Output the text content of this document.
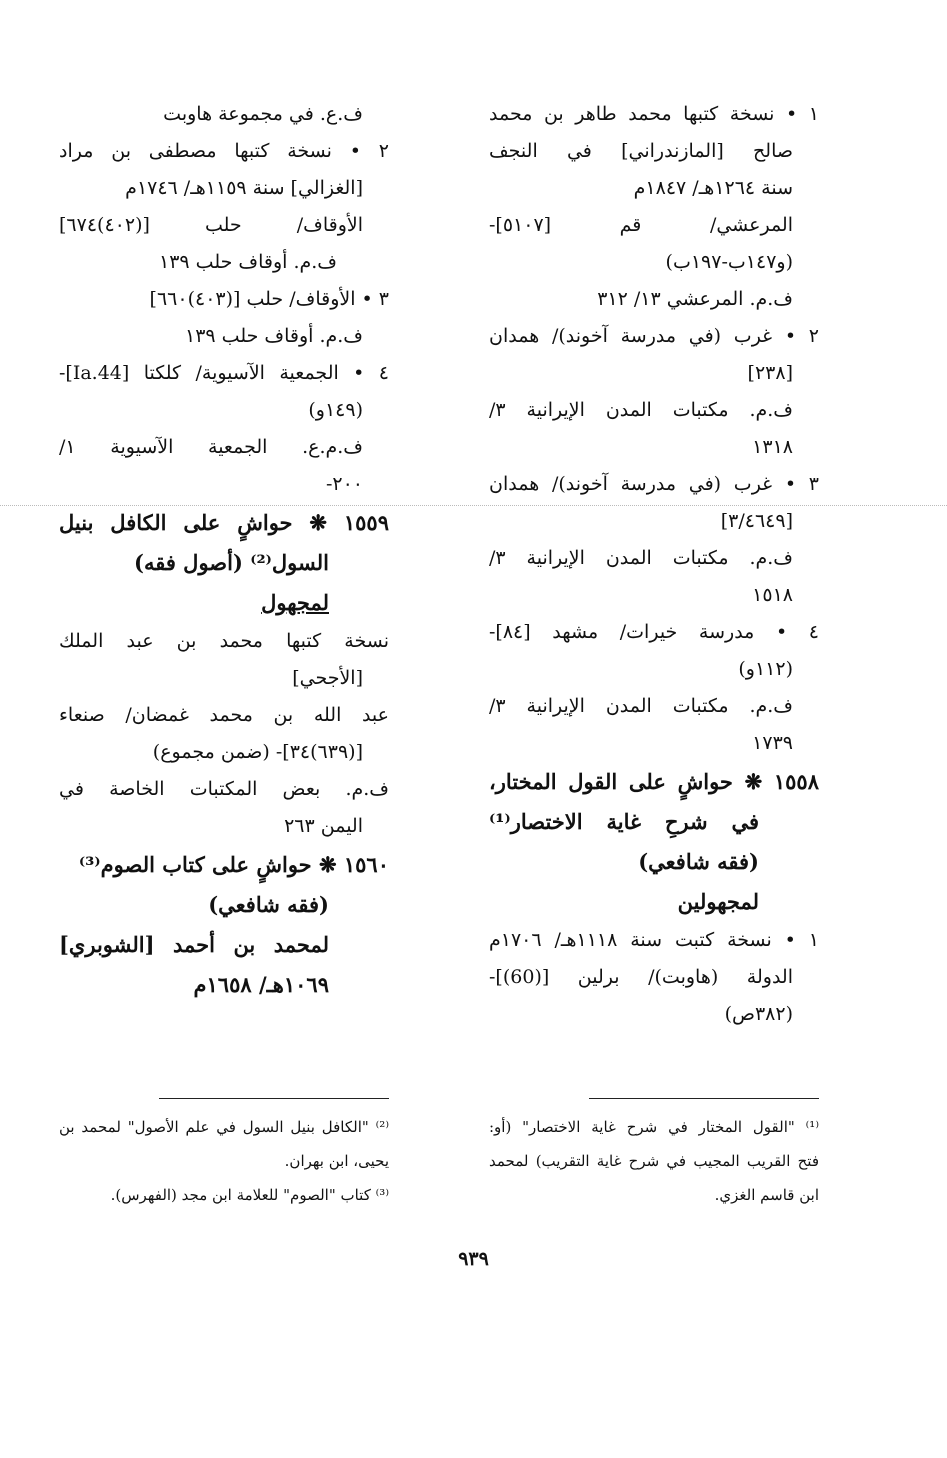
١ • نسخة كتبها محمد طاهر بن محمد
صالح [المازندراني] في النجف
سنة ١٢٦٤هـ/ ١٨٤٧م
المرعشي/ قم [٥١٠٧]-
(و١٤٧ب-١٩٧ب)
ف.م. المرعشي ١٣/ ٣١٢
٢ • غرب (في مدرسة آخوند)/ همدان
[٢٣٨]
ف.م. مكتبات المدن الإيرانية ٣/
١٣١٨
٣ • غرب (في مدرسة آخوند)/ همدان
[٣/٤٦٤٩]
ف.م. مكتبات المدن الإيرانية ٣/
١٥١٨
٤ • مدرسة خيرات/ مشهد [٨٤]-
(١١٢و)
ف.م. مكتبات المدن الإيرانية ٣/
١٧٣٩
١٥٥٨ ❋ حواشٍ على القول المختار،
في شرحِ غاية الاختصار⁽¹⁾
(فقه شافعي)
لمجهولين
١ • نسخة كتبت سنة ١١١٨هـ/ ١٧٠٦م
الدولة (هاوبت)/ برلين [(60)]-
(٣٨٢ص)
ف.ع. في مجموعة هاوبت
٢ • نسخة كتبها مصطفى بن مراد
[الغزالي] سنة ١١٥٩هـ/ ١٧٤٦م
الأوقاف/ حلب [(٤٠٢)٦٧٤]
ف.م. أوقاف حلب ١٣٩
٣ • الأوقاف/ حلب [(٤٠٣)٦٦٠]
ف.م. أوقاف حلب ١٣٩
٤ • الجمعية الآسيوية/ كلكتا [Ia.44]-
(١٤٩و)
ف.م.ع. الجمعية الآسيوية ١/
٢٠٠-
١٥٥٩ ❋ حواشٍ على الكافل بنيل
السول⁽²⁾ (أصول فقه)
لمجهول
نسخة كتبها محمد بن عبد الملك
[الأجحي]
عبد الله بن محمد غمضان/ صنعاء
[(٦٣٩)٣٤]- (ضمن مجموع)
ف.م. بعض المكتبات الخاصة في
اليمن ٢٦٣
١٥٦٠ ❋ حواشٍ على كتاب الصوم⁽³⁾
(فقه شافعي)
لمحمد بن أحمد [الشوبري]
١٠٦٩هـ/ ١٦٥٨م

⁽¹⁾ "القول المختار في شرح غاية الاختصار" (أو:

فتح القريب المجيب في شرح غاية التقريب) لمحمد

ابن قاسم الغزي.

⁽²⁾ "الكافل بنيل السول في علم الأصول" لمحمد بن

يحيى، ابن بهران.

⁽³⁾ كتاب "الصوم" للعلامة ابن مجد (الفهرس).

٩٣٩
